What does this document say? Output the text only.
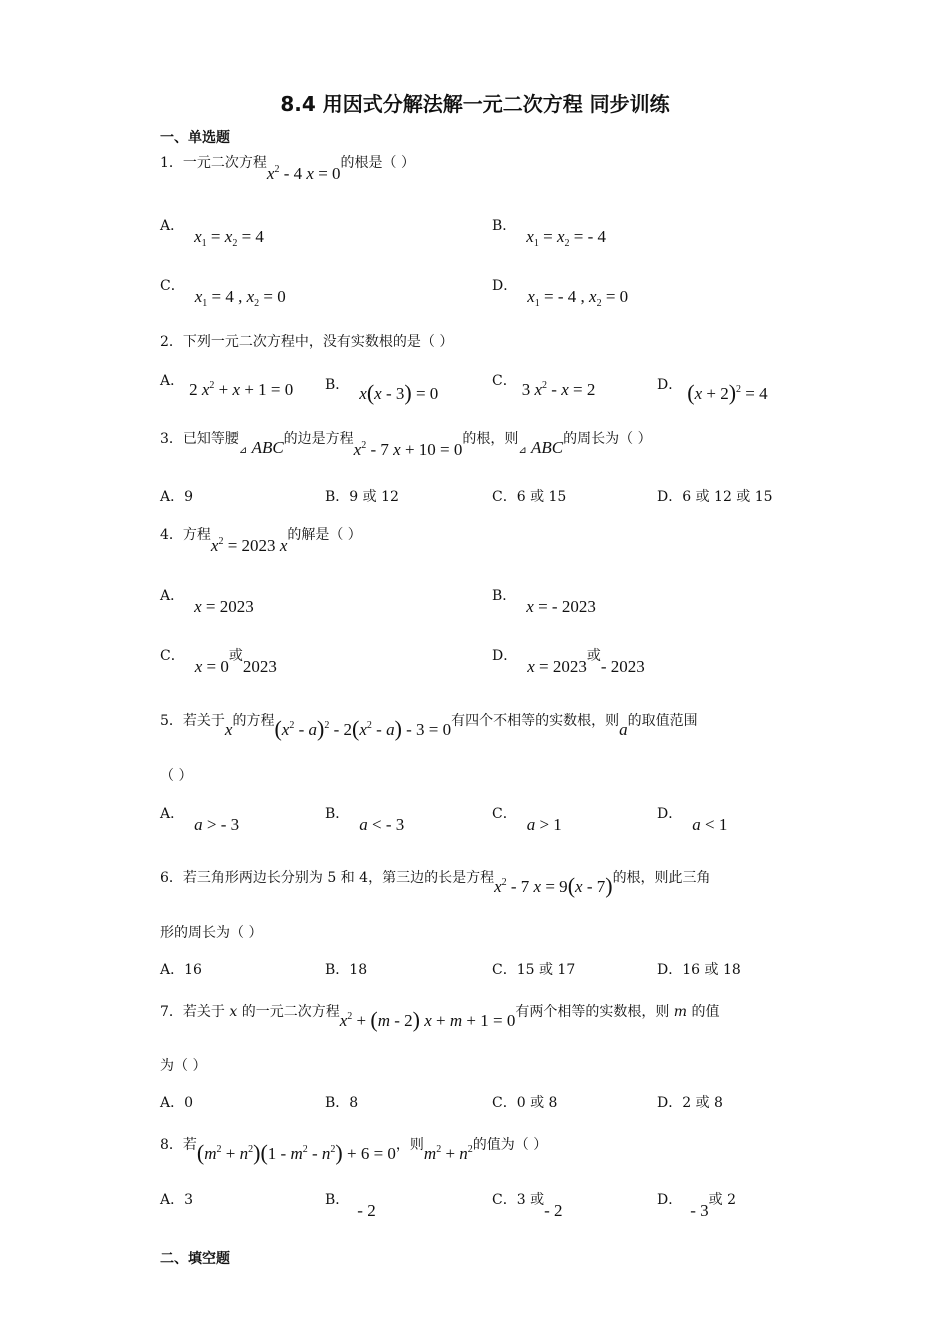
8.4 用因式分解法解一元二次方程 同步训练
一、单选题
1．一元二次方程$x^2 - 4$ x = 0的根是（ ）
A．$x_1 = x_2 = 4$
B．$x_1 = x_2$ = - 4
C．$x_1 = 4$ , $x_2 = 0$
D．$x_1$ = - 4 , $x_2 = 0$
2．下列一元二次方程中，没有实数根的是（ ）
A． 2 $x^2 + x + 1 = 0$ B． x(x - 3) = 0
C． 3 $x^2 - x = 2$	D． $(x + 2)^2 = 4$
3．已知等腰⊿ ABC的边是方程$x^2 - 7$ x + 10 = 0的根，则⊿ ABC的周长为（ ）
A．9	B．9 或 12	C．6 或 15	D．6 或 12 或 15
4．方程$x^2 = 2023$ x的解是（ ）
A．x = 2023
B．x = - 2023
C．x = 0或2023
D．x = 2023或- 2023
5．若关于x的方程$(x^2 - a)^2 - 2(x^2 - a) - 3 = 0$有四个不相等的实数根，则a的取值范围
（ ）
A．a > - 3
B．a < - 3
C．a > 1
D．a < 1
6．若三角形两边长分别为 5 和 4，第三边的长是方程$x^2 - 7$ x = 9(x - 7)的根，则此三角
形的周长为（ ）
A．16	B．18	C．15 或 17	D．16 或 18
7．若关于 x 的一元二次方程$x^2 + (m - 2) x + m + 1 = 0$有两个相等的实数根，则 m 的值
为（ ）
A．0	B．8	C．0 或 8	D．2 或 8
8．若$(m^2 + n^2)(1 - m^2 - n^2) + 6 = 0$，则$m^2 + n^2$的值为（ ）
A．3	B．- 2
C．3 或- 2
D．- 3或 2
二、填空题
